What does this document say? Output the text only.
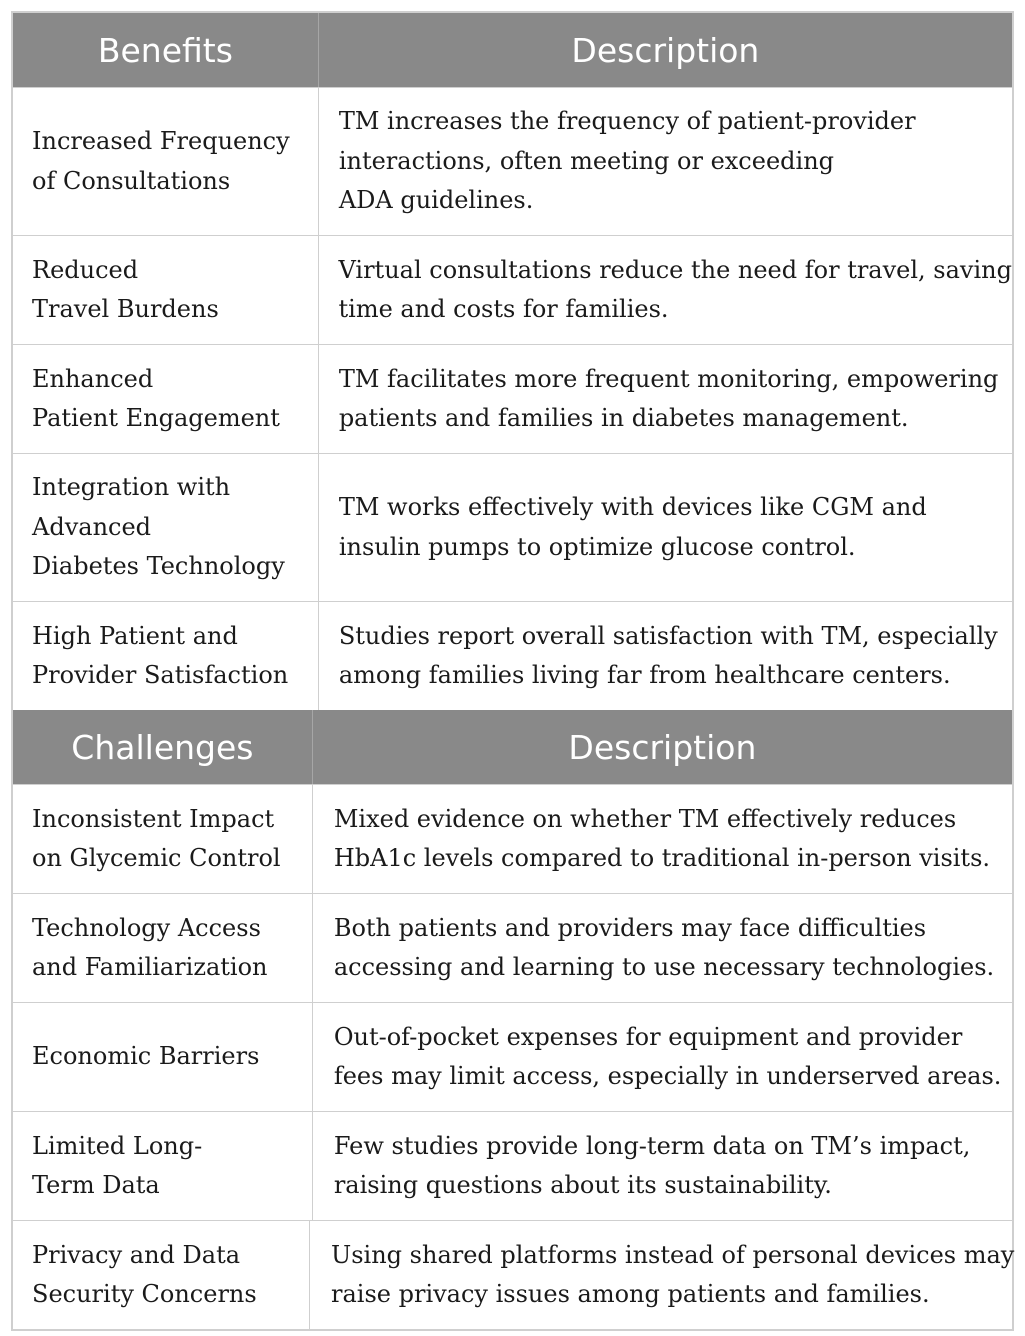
Benefits	Description
Increased Frequency
of Consultations
TM increases the frequency of patient-provider
interactions, often meeting or exceeding
ADA guidelines.
Reduced
Travel Burdens
Virtual consultations reduce the need for travel, saving
time and costs for families.
Enhanced
Patient Engagement
TM facilitates more frequent monitoring, empowering
patients and families in diabetes management.
Integration with
Advanced
Diabetes Technology
TM works effectively with devices like CGM and
insulin pumps to optimize glucose control.
High Patient and
Provider Satisfaction
Studies report overall satisfaction with TM, especially
among families living far from healthcare centers.
Challenges	Description
Inconsistent Impact
on Glycemic Control
Mixed evidence on whether TM effectively reduces
HbA1c levels compared to traditional in-person visits.
Technology Access
and Familiarization
Both patients and providers may face difficulties
accessing and learning to use necessary technologies.
Economic Barriers
Out-of-pocket expenses for equipment and provider
fees may limit access, especially in underserved areas.
Limited Long-
Term Data
Few studies provide long-term data on TM’s impact,
raising questions about its sustainability.
Privacy and Data
Security Concerns
Using shared platforms instead of personal devices may
raise privacy issues among patients and families.
